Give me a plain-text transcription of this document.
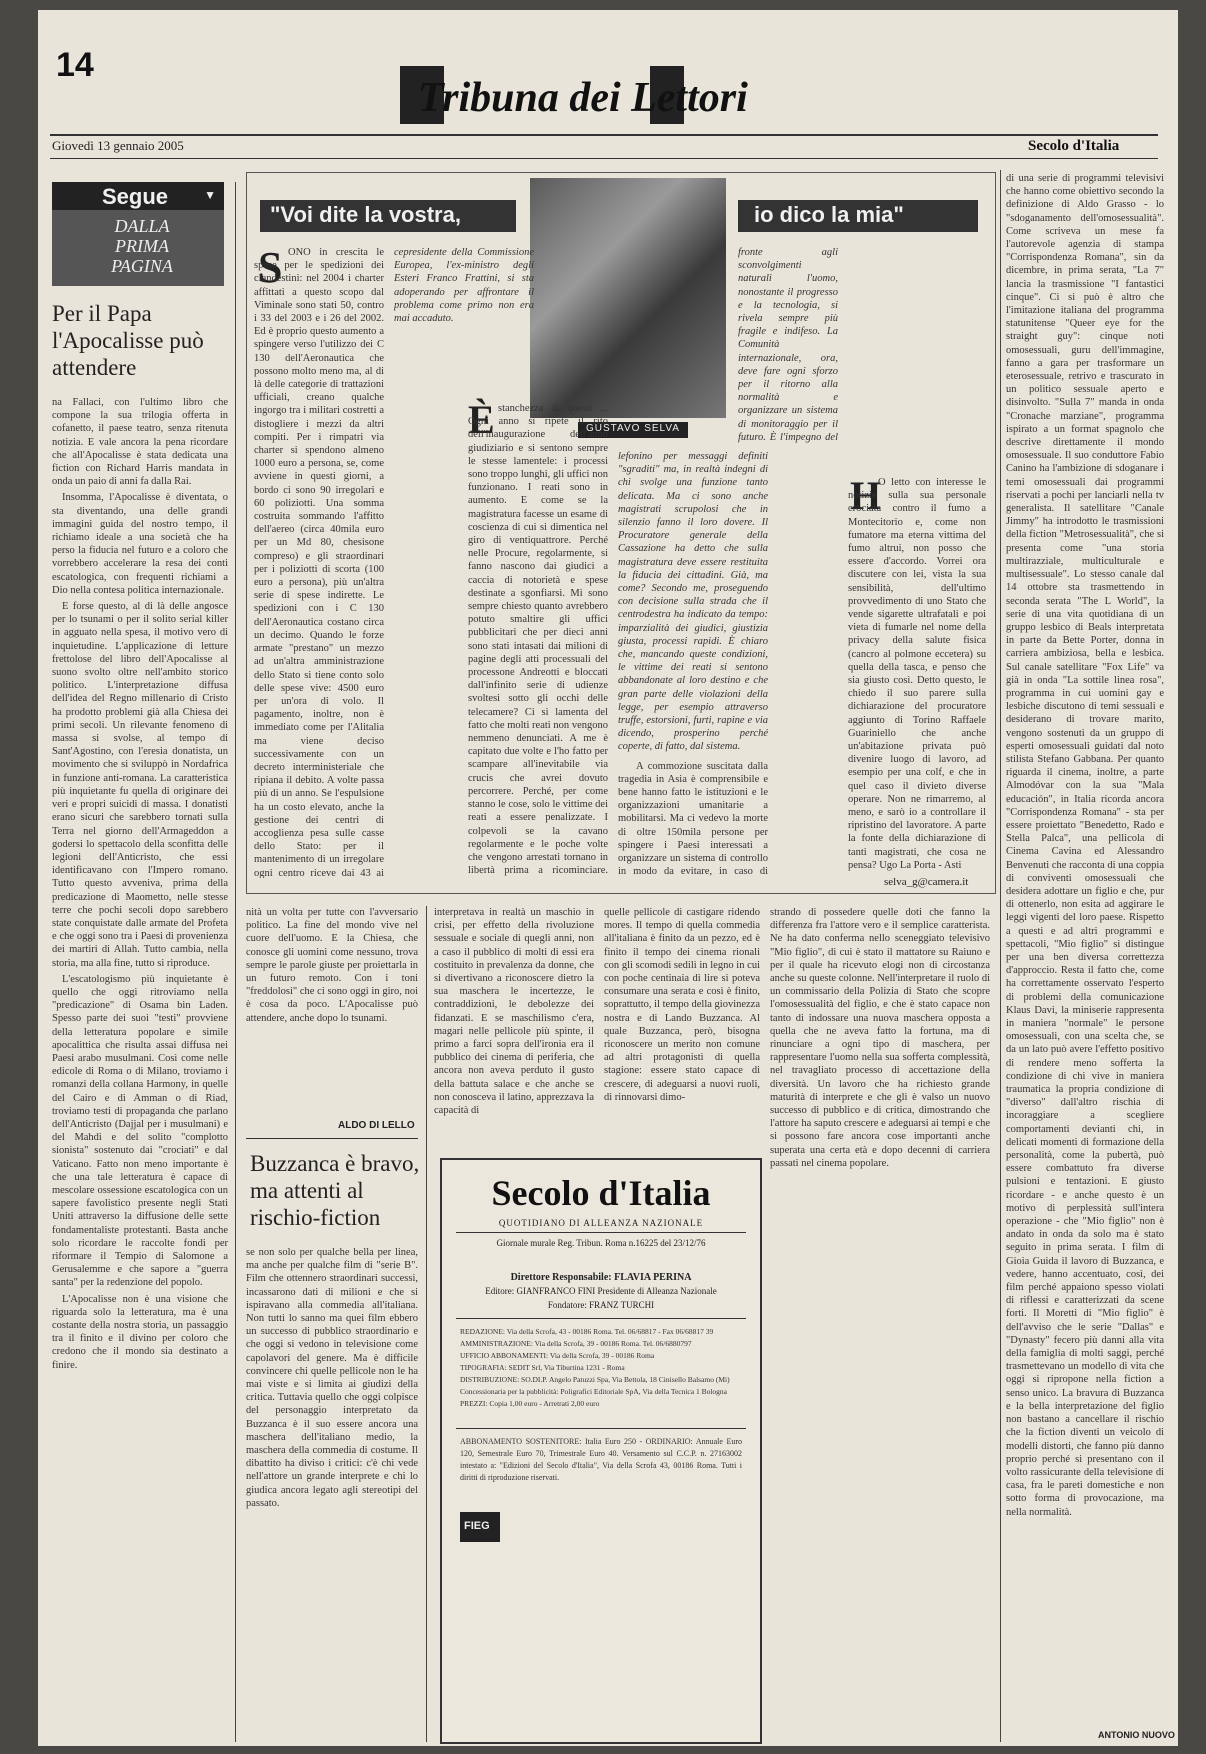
14
Tribuna dei Lettori
Giovedì 13 gennaio 2005	Secolo d'Italia
Segue	▼
DALLA PRIMA PAGINA
Per il Papa l'Apocalisse può attendere

na Fallaci, con l'ultimo libro che compone la sua trilogia offerta in cofanetto, il paese teatro, senza ritenuta notizia. E vale ancora la pena ricordare che all'Apocalisse è stata dedicata una fiction con Richard Harris mandata in onda un paio di anni fa dalla Rai.

Insomma, l'Apocalisse è diventata, o sta diventando, una delle grandi immagini guida del nostro tempo, il richiamo ideale a una società che ha perso la fiducia nel futuro e a coloro che vorrebbero accelerare la resa dei conti escatologica, con frequenti richiami a Dio nella contesa politica internazionale.

E forse questo, al di là delle angosce per lo tsunami o per il solito serial killer in agguato nella spesa, il motivo vero di inquietudine. L'applicazione di letture frettolose del libro dell'Apocalisse al suono svolto oltre nell'ambito storico politico. L'interpretazione diffusa dell'idea del Regno millenario di Cristo ha prodotto problemi già alla Chiesa dei primi secoli. Un rilevante fenomeno di massa si svolse, al tempo di Sant'Agostino, con l'eresia donatista, un movimento che si sviluppò in Nordafrica in funzione anti-romana. La caratteristica più inquietante fu quella di originare dei veri e propri suicidi di massa. I donatisti erano sicuri che sarebbero tornati sulla Terra nel giorno dell'Armageddon a godersi lo spettacolo della sconfitta delle legioni dell'Anticristo, che essi identificavano con l'Impero romano. Tutto questo avveniva, prima della predicazione di Maometto, nelle stesse terre che pochi secoli dopo sarebbero state conquistate dalle armate del Profeta e che oggi sono tra i Paesi di provenienza dei martiri di Allah. Tutto cambia, nella storia, ma alla fine, tutto si riproduce.

L'escatologismo più inquietante è quello che oggi ritroviamo nella "predicazione" di Osama bin Laden. Spesso parte dei suoi "testi" provviene della letteratura popolare e simile apocalittica che risulta assai diffusa nei Paesi arabo musulmani. Così come nelle edicole di Roma o di Milano, troviamo i romanzi della collana Harmony, in quelle del Cairo e di Amman o di Riad, troviamo testi di propaganda che parlano dell'Anticristo (Dajjal per i musulmani) e del Mahdi e del solito "complotto sionista" sostenuto dai "crociati" e dal Vaticano. Fatto non meno importante è che una tale letteratura è capace di mescolare ossessione escatologica con un sapere favolistico presente negli Stati Uniti attraverso la diffusione delle sette fondamentaliste protestanti. Basta anche solo ricordare le raccolte fondi per riformare il Tempio di Salomone a Gerusalemme e che sapore a "guerra santa" per la redenzione del popolo.

L'Apocalisse non è una visione che riguarda solo la letteratura, ma è una costante della nostra storia, un passaggio tra il finito e il divino per coloro che credono che il mondo sia destinato a finire.

"Voi dite la vostra,	io dico la mia"
GUSTAVO SELVA
S ONO in crescita le spese per le spedizioni dei clandestini: nel 2004 i charter affittati a questo scopo dal Viminale sono stati 50, contro i 33 del 2003 e i 26 del 2002. Ed è proprio questo aumento a spingere verso l'utilizzo dei C 130 dell'Aeronautica che possono molto meno ma, al di là delle categorie di trattazioni ufficiali, creano qualche ingorgo tra i militari costretti a distogliere i mezzi da altri compiti. Per i rimpatri via charter si spendono almeno 1000 euro a persona, se, come avviene in questi giorni, a bordo ci sono 90 irregolari e 60 poliziotti. Una somma costruita sommando l'affitto dell'aereo (circa 40mila euro per un Md 80, chesisone compreso) e gli straordinari per i poliziotti di scorta (100 euro a persona), più un'altra serie di spese indirette. Le spedizioni con i C 130 dell'Aeronautica costano circa un decimo. Quando le forze armate "prestano" un mezzo ad un'altra amministrazione dello Stato si tiene conto solo delle spese vive: 4500 euro per un'ora di volo. Il pagamento, inoltre, non è immediato come per l'Alitalia ma viene deciso successivamente con un decreto interministeriale che ripiana il debito. A volte passa più di un anno. Se l'espulsione ha un costo elevato, anche la gestione dei centri di accoglienza pesa sulle casse dello Stato: per il mantenimento di un irregolare ogni centro riceve dai 43 ai

cepresidente della Commissione Europea, l'ex-ministro degli Esteri Franco Frattini, si sta adoperando per affrontare il problema come primo non era mai accaduto.

È stanchezza di questi ... Ogni anno si ripete il rito dell'inaugurazione dell'anno giudiziario e si sentono sempre le stesse lamentele: i processi sono troppo lunghi, gli uffici non funzionano. I reati sono in aumento. E come se la magistratura facesse un esame di coscienza di cui si dimentica nel giro di ventiquattrore. Perché nelle Procure, regolarmente, si fanno nascono dai giudici a caccia di notorietà e spese destinate a sgonfiarsi. Mi sono sempre chiesto quanto avrebbero potuto smaltire gli uffici pubblicitari che per dieci anni sono stati intasati dai milioni di pagine degli atti processuali del processone Andreotti e bloccati dall'infinito serie di udienze svoltesi sotto gli occhi delle telecamere? Ci si lamenta del fatto che molti reati non vengono nemmeno denunciati. A me è capitato due volte e l'ho fatto per scampare all'inevitabile via crucis che avrei dovuto percorrere. Perché, per come stanno le cose, solo le vittime dei reati a essere penalizzate. I colpevoli se la cavano regolarmente e le poche volte che vengono arrestati tornano in libertà prima a ricominciare.

lefonino per messaggi definiti "sgraditi" ma, in realtà indegni di chi svolge una funzione tanto delicata. Ma ci sono anche magistrati scrupolosi che in silenzio fanno il loro dovere. Il Procuratore generale della Cassazione ha detto che sulla magistratura deve essere restituita la fiducia dei cittadini. Già, ma come? Secondo me, proseguendo con decisione sulla strada che il centrodestra ha indicato da tempo: imparzialità dei giudici, giustizia giusta, processi rapidi. È chiaro che, mancando queste condizioni, le vittime dei reati si sentono abbandonate al loro destino e che gran parte delle violazioni della legge, per esempio attraverso truffe, estorsioni, furti, rapine e via dicendo, prosperino perché coperte, di fatto, dal sistema.

A commozione suscitata dalla tragedia in Asia è comprensibile e bene hanno fatto le istituzioni e le organizzazioni umanitarie a mobilitarsi. Ma ci vedevo la morte di oltre 150mila persone per spingere i Paesi interessati a organizzare un sistema di controllo in modo da evitare, in caso di

fronte agli sconvolgimenti naturali l'uomo, nonostante il progresso e la tecnologia, si rivela sempre più fragile e indifeso. La Comunità internazionale, ora, deve fare ogni sforzo per il ritorno alla normalità e organizzare un sistema di monitoraggio per il futuro. È l'impegno del

H

O letto con interesse le notizie sulla sua personale crociata contro il fumo a Montecitorio e, come non fumatore ma eterna vittima del fumo altrui, non posso che essere d'accordo. Vorrei ora discutere con lei, vista la sua sensibilità, dell'ultimo provvedimento di uno Stato che vende sigarette ultrafatali e poi vieta di fumarle nel nome della privacy della salute fisica (cancro al polmone eccetera) su quella della tasca, e penso che sia giusto così. Detto questo, le chiedo il suo parere sulla dichiarazione del procuratore aggiunto di Torino Raffaele Guariniello che anche un'abitazione privata può divenire luogo di lavoro, ad esempio per una colf, e che in quel caso il divieto diverse operare. Non ne rimarremo, al meno, e sarò io a controllare il ripristino del lavoratore. A parte la fonte della dichiarazione di tanti magistrati, che cosa ne pensa? Ugo La Porta - Asti

selva_g@camera.it

nità un volta per tutte con l'avversario politico. La fine del mondo vive nel cuore dell'uomo. E la Chiesa, che conosce gli uomini come nessuno, trova sempre le parole giuste per proiettarla in un futuro remoto. Con i toni "freddolosi" che ci sono oggi in giro, noi è cosa da poco. L'Apocalisse può attendere, anche dopo lo tsunami.

ALDO DI LELLO
Buzzanca è bravo, ma attenti al rischio-fiction

se non solo per qualche bella per linea, ma anche per qualche film di "serie B". Film che ottennero straordinari successi, incassarono dati di milioni e che si ispiravano alla commedia all'italiana. Non tutti lo sanno ma quei film ebbero un successo di pubblico straordinario e che oggi si vedono in televisione come capolavori del genere. Ma è difficile convincere chi quelle pellicole non le ha mai viste e si limita ai giudizi della critica. Tuttavia quello che oggi colpisce del personaggio interpretato da Buzzanca è il suo essere ancora una maschera dell'italiano medio, la maschera della commedia di costume. Il dibattito ha diviso i critici: c'è chi vede nell'attore un grande interprete e chi lo giudica ancora legato agli stereotipi del passato.

interpretava in realtà un maschio in crisi, per effetto della rivoluzione sessuale e sociale di quegli anni, non a caso il pubblico di molti di essi era costituito in prevalenza da donne, che si divertivano a riconoscere dietro la sua maschera le incertezze, le contraddizioni, le debolezze dei fidanzati. E se maschilismo c'era, magari nelle pellicole più spinte, il primo a farci sopra dell'ironia era il pubblico dei cinema di periferia, che ancora non aveva perduto il gusto della battuta salace e che anche se non conosceva il latino, apprezzava la capacità di

quelle pellicole di castigare ridendo mores. Il tempo di quella commedia all'italiana è finito da un pezzo, ed è finito il tempo dei cinema rionali con gli scomodi sedili in legno in cui con poche centinaia di lire si poteva consumare una serata e così è finito, soprattutto, il tempo della giovinezza nostra e di Lando Buzzanca. Al quale Buzzanca, però, bisogna riconoscere un merito non comune ad altri protagonisti di quella stagione: essere stato capace di crescere, di adeguarsi a nuovi ruoli, di rinnovarsi dimo-

strando di possedere quelle doti che fanno la differenza fra l'attore vero e il semplice caratterista. Ne ha dato conferma nello sceneggiato televisivo "Mio figlio", di cui è stato il mattatore su Raiuno e per il quale ha ricevuto elogi non di circostanza anche su queste colonne. Nell'interpretare il ruolo di un commissario della Polizia di Stato che scopre l'omosessualità del figlio, e che è stato capace non tanto di indossare una nuova maschera opposta a quella che ne aveva fatto la fortuna, ma di rinunciare a ogni tipo di maschera, per rappresentare l'uomo nella sua sofferta complessità, nel travagliato processo di accettazione della diversità. Un lavoro che ha richiesto grande maturità di interprete e che gli è valso un nuovo successo di pubblico e di critica, dimostrando che l'attore ha saputo crescere e adeguarsi ai tempi e che si possono fare ancora cose importanti anche superata una certa età e dopo decenni di carriera passati nel cinema popolare.

Secolo d'Italia
QUOTIDIANO DI ALLEANZA NAZIONALE
Giornale murale Reg. Tribun. Roma n.16225 del 23/12/76
Direttore Responsabile: FLAVIA PERINA
Editore: GIANFRANCO FINI Presidente di Alleanza Nazionale
Fondatore: FRANZ TURCHI
REDAZIONE: Via della Scrofa, 43 - 00186 Roma. Tel. 06/68817 - Fax 06/68817 39
AMMINISTRAZIONE: Via della Scrofa, 39 - 00186 Roma. Tel. 06/6880797
UFFICIO ABBONAMENTI: Via della Scrofa, 39 - 00186 Roma
TIPOGRAFIA: SEDIT Srl, Via Tiburtina 1231 - Roma
DISTRIBUZIONE: SO.DI.P. Angelo Patuzzi Spa, Via Bettola, 18 Cinisello Balsamo (Mi)
Concessionaria per la pubblicità: Poligrafici Editoriale SpA, Via della Tecnica 1 Bologna
PREZZI: Copia 1,00 euro - Arretrati 2,00 euro
ABBONAMENTO SOSTENITORE: Italia Euro 250 - ORDINARIO: Annuale Euro 120, Semestrale Euro 70, Trimestrale Euro 40. Versamento sul C.C.P. n. 27163002 intestato a: "Edizioni del Secolo d'Italia", Via della Scrofa 43, 00186 Roma. Tutti i diritti di riproduzione riservati.
FIEG

di una serie di programmi televisivi che hanno come obiettivo secondo la definizione di Aldo Grasso - lo "sdoganamento dell'omosessualità". Come scriveva un mese fa l'autorevole agenzia di stampa "Corrispondenza Romana", sin da dicembre, in prima serata, "La 7" lancia la trasmissione "I fantastici cinque". Ci si può è altro che l'imitazione italiana del programma statunitense "Queer eye for the straight guy": cinque noti omosessuali, guru dell'immagine, fanno a gara per trasformare un eterosessuale, retrivo e trascurato in un politico sessuale aperto e disinvolto. "Sulla 7" manda in onda "Cronache marziane", programma ispirato a un format spagnolo che descrive direttamente il mondo omosessuale. Il suo conduttore Fabio Canino ha l'ambizione di sdoganare i temi omosessuali dai programmi riservati a pochi per lanciarli nella tv generalista. Il satellitare "Canale Jimmy" ha introdotto le trasmissioni della fiction "Metrosessualità", che si presenta come "una storia multirazziale, multiculturale e multisessuale". Lo stesso canale dal 14 ottobre sta trasmettendo in seconda serata "The L World", la serie di una vita quotidiana di un gruppo lesbico di Beals interpretata in parte da Bette Porter, donna in carriera ambiziosa, bella e lesbica. Sul canale satellitare "Fox Life" va già in onda "La sottile linea rosa", programma in cui uomini gay e lesbiche discutono di temi sessuali e desiderano di trovare marito, vengono sostenuti da un gruppo di esperti omosessuali guidati dal noto stilista Stefano Gabbana. Per quanto riguarda il cinema, inoltre, a parte Almodóvar con la sua "Mala educación", in Italia ricorda ancora "Corrispondenza Romana" - sta per essere proiettato "Benedetto, Rado e Stella Palca", una pellicola di Cinema Cavina ed Alessandro Benvenuti che racconta di una coppia di conviventi omosessuali che desidera adottare un figlio e che, pur di ottenerlo, non esita ad aggirare le leggi vigenti del loro paese. Rispetto a questi e ad altri programmi e spettacoli, "Mio figlio" si distingue per una ben diversa correttezza d'approccio. Resta il fatto che, come ha correttamente osservato l'esperto di problemi della comunicazione Klaus Davi, la miniserie rappresenta in maniera "normale" le persone omosessuali, con una scelta che, se da un lato può avere l'effetto positivo di rendere meno sofferta la condizione di chi vive in maniera traumatica la propria condizione di "diverso" dall'altro rischia di incoraggiare a scegliere comportamenti devianti chi, in delicati momenti di formazione della personalità, come la pubertà, può essere combattuto fra diverse pulsioni e tentazioni. E giusto ricordare - e anche questo è un motivo di perplessità sull'intera operazione - che "Mio figlio" non è andato in onda da solo ma è stato seguito in prima serata. I film di Gioia Guida il lavoro di Buzzanca, e vedere, hanno accentuato, così, dei film perché appaiono spesso violati di riflessi e caratterizzati da scene forti. Il Moretti di "Mio figlio" è dell'avviso che le serie "Dallas" e "Dynasty" fecero più danni alla vita della famiglia di molti saggi, perché trasmettevano un modello di vita che oggi si ripropone nella fiction a senso unico. La bravura di Buzzanca e la bella interpretazione del figlio non bastano a cancellare il rischio che la fiction diventi un veicolo di modelli distorti, che fanno più danno proprio perché si presentano con il volto rassicurante della televisione di casa, fra le pareti domestiche e non sotto forma di provocazione, ma nella normalità.

ANTONIO NUOVO
